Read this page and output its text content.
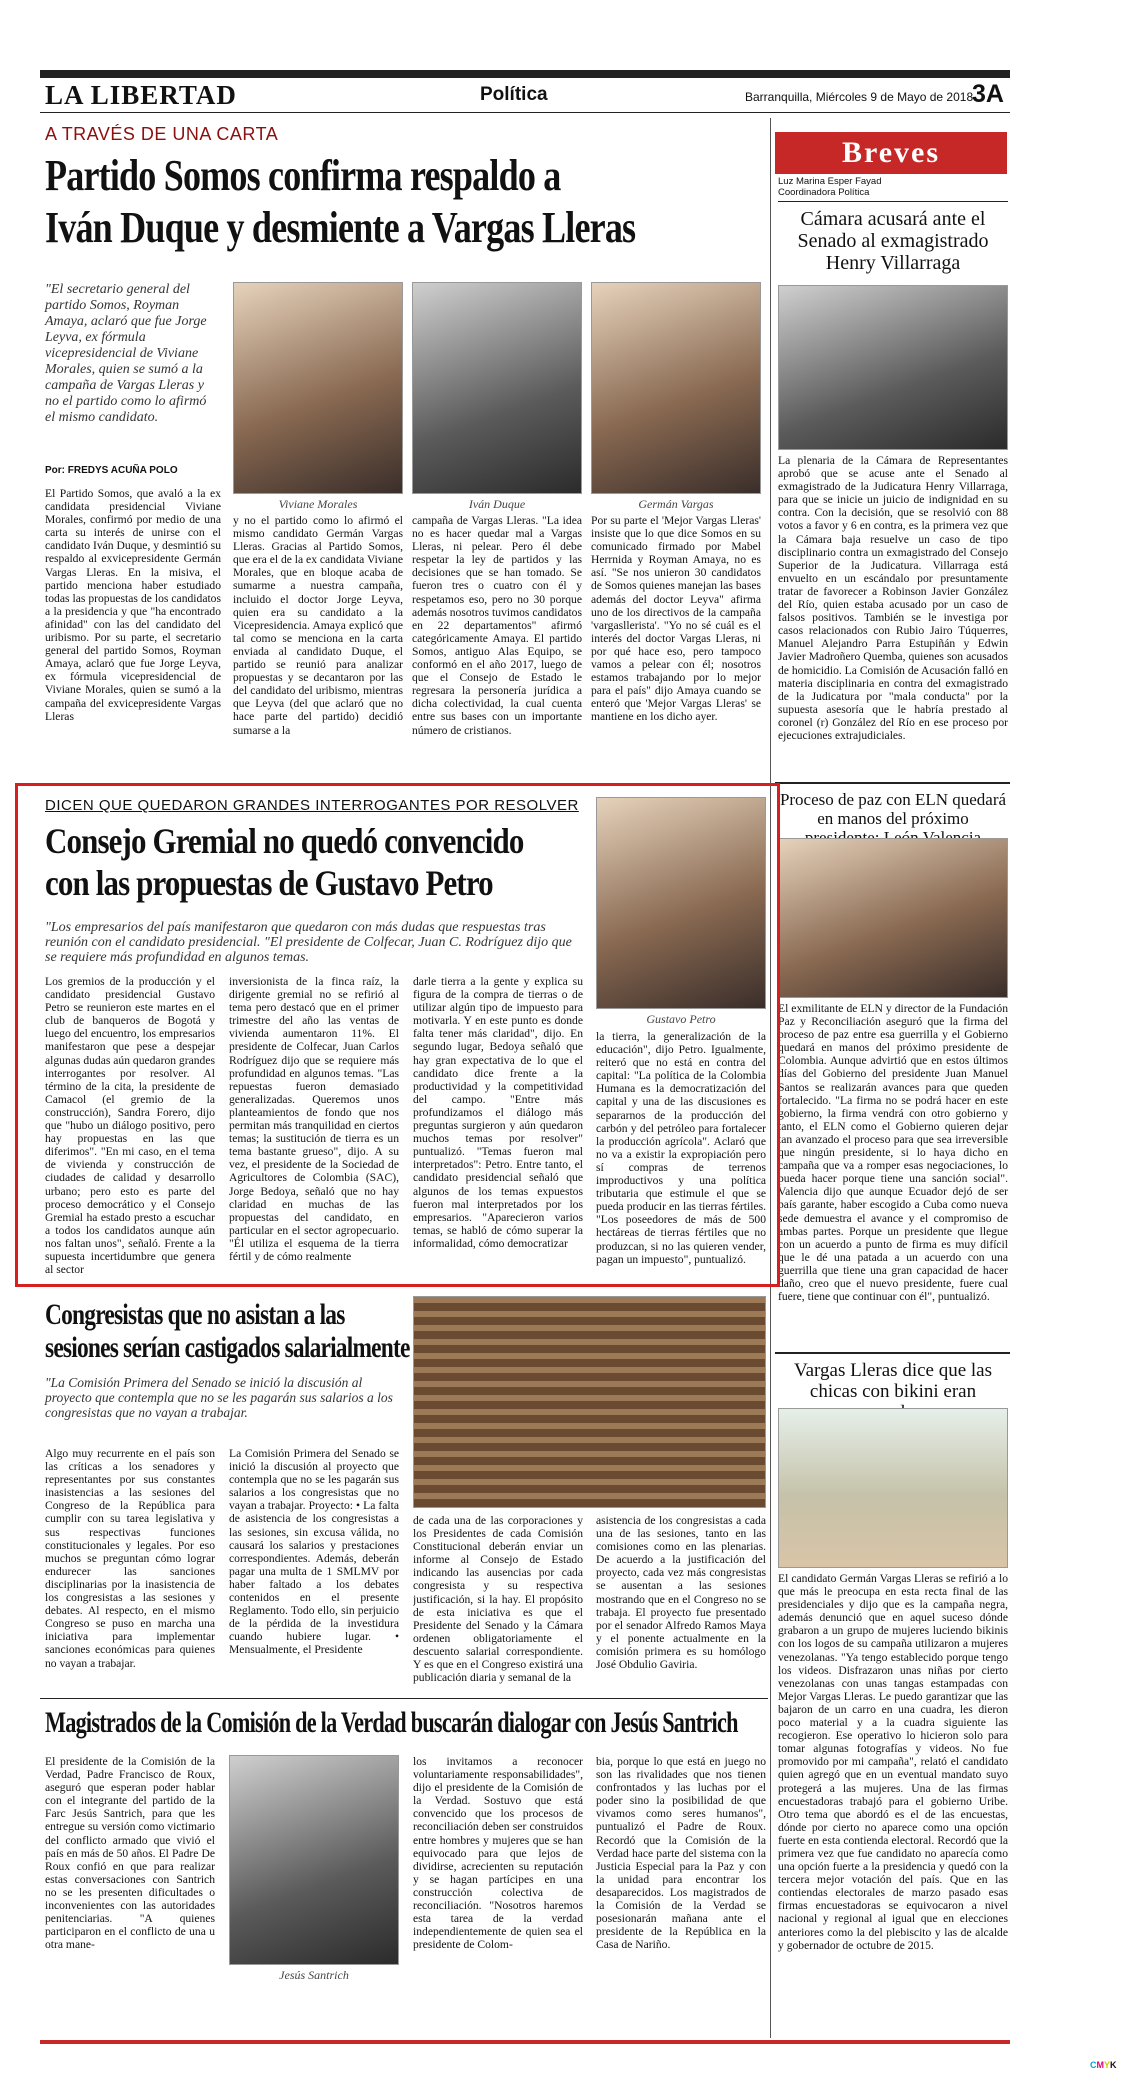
LA LIBERTAD	Política	Barranquilla, Miércoles 9 de Mayo de 2018
3A
A TRAVÉS DE UNA CARTA
Partido Somos confirma respaldo a
Iván Duque y desmiente a Vargas Lleras
"El secretario general del partido Somos, Royman Amaya, aclaró que fue Jorge Leyva, ex fórmula vicepresidencial de Viviane Morales, quien se sumó a la campaña de Vargas Lleras y no el partido como lo afirmó el mismo candidato.
Por: FREDYS ACUÑA POLO
Viviane Morales	Iván Duque	Germán Vargas
El Partido Somos, que avaló a la ex candidata presidencial Viviane Morales, confirmó por medio de una carta su interés de unirse con el candidato Iván Duque, y desmintió su respaldo al exvicepresidente Germán Vargas Lleras. En la misiva, el partido menciona haber estudiado todas las propuestas de los candidatos a la presidencia y que "ha encontrado afinidad" con las del candidato del uribismo. Por su parte, el secretario general del partido Somos, Royman Amaya, aclaró que fue Jorge Leyva, ex fórmula vicepresidencial de Viviane Morales, quien se sumó a la campaña del exvicepresidente Vargas Lleras
y no el partido como lo afirmó el mismo candidato Germán Vargas Lleras. Gracias al Partido Somos, que era el de la ex candidata Viviane Morales, que en bloque acaba de sumarme a nuestra campaña, incluido el doctor Jorge Leyva, quien era su candidato a la Vicepresidencia. Amaya explicó que tal como se menciona en la carta enviada al candidato Duque, el partido se reunió para analizar propuestas y se decantaron por las del candidato del uribismo, mientras que Leyva (del que aclaró que no hace parte del partido) decidió sumarse a la
campaña de Vargas Lleras. "La idea no es hacer quedar mal a Vargas Lleras, ni pelear. Pero él debe respetar la ley de partidos y las decisiones que se han tomado. Se fueron tres o cuatro con él y respetamos eso, pero no 30 porque además nosotros tuvimos candidatos en 22 departamentos" afirmó categóricamente Amaya. El partido Somos, antiguo Alas Equipo, se conformó en el año 2017, luego de que el Consejo de Estado le regresara la personería jurídica a dicha colectividad, la cual cuenta entre sus bases con un importante número de cristianos.
Por su parte el 'Mejor Vargas Lleras' insiste que lo que dice Somos en su comunicado firmado por Mabel Herrnida y Royman Amaya, no es así. "Se nos unieron 30 candidatos de Somos quienes manejan las bases además del doctor Leyva" afirma uno de los directivos de la campaña 'vargaslleristа'. "Yo no sé cuál es el interés del doctor Vargas Lleras, ni por qué hace eso, pero tampoco vamos a pelear con él; nosotros estamos trabajando por lo mejor para el país" dijo Amaya cuando se enteró que 'Mejor Vargas Lleras' se mantiene en los dicho ayer.
Breves
Luz Marina Esper Fayad
Coordinadora Política
Cámara acusará ante el Senado al exmagistrado Henry Villarraga
La plenaria de la Cámara de Representantes aprobó que se acuse ante el Senado al exmagistrado de la Judicatura Henry Villarraga, para que se inicie un juicio de indignidad en su contra. Con la decisión, que se resolvió con 88 votos a favor y 6 en contra, es la primera vez que la Cámara baja resuelve un caso de tipo disciplinario contra un exmagistrado del Consejo Superior de la Judicatura. Villarraga está envuelto en un escándalo por presuntamente tratar de favorecer a Robinson Javier González del Río, quien estaba acusado por un caso de falsos positivos. También se le investiga por casos relacionados con Rubio Jairo Túquerres, Manuel Alejandro Parra Estupiñán y Edwin Javier Madroñero Quemba, quienes son acusados de homicidio. La Comisión de Acusación falló en materia disciplinaria en contra del exmagistrado de la Judicatura por "mala conducta" por la supuesta asesoría que le habría prestado al coronel (r) González del Río en ese proceso por ejecuciones extrajudiciales.
Proceso de paz con ELN quedará en manos del próximo
El exmilitante de ELN y director de la Fundación Paz y Reconciliación aseguró que la firma del proceso de paz entre esa guerrilla y el Gobierno quedará en manos del próximo presidente de Colombia. Aunque advirtió que en estos últimos días del Gobierno del presidente Juan Manuel Santos se realizarán avances para que queden fortalecido. "La firma no se podrá hacer en este gobierno, la firma vendrá con otro gobierno y tanto, el ELN como el Gobierno quieren dejar tan avanzado el proceso para que sea irreversible que ningún presidente, si lo haya dicho en campaña que va a romper esas negociaciones, lo pueda hacer porque tiene una sanción social". Valencia dijo que aunque Ecuador dejó de ser país garante, haber escogido a Cuba como nueva sede demuestra el avance y el compromiso de ambas partes. Porque un presidente que llegue con un acuerdo a punto de firma es muy difícil que le dé una patada a un acuerdo con una guerrilla que tiene una gran capacidad de hacer daño, creo que el nuevo presidente, fuere cual fuere, tiene que continuar con él", puntualizó.
Vargas Lleras dice que las chicas con bikini eran
El candidato Germán Vargas Lleras se refirió a lo que más le preocupa en esta recta final de las presidenciales y dijo que es la campaña negra, además denunció que en aquel suceso dónde grabaron a un grupo de mujeres luciendo bikinis con los logos de su campaña utilizaron a mujeres venezolanas. "Ya tengo establecido porque tengo los videos. Disfrazaron unas niñas por cierto venezolanas con unas tangas estampadas con Mejor Vargas Lleras. Le puedo garantizar que las bajaron de un carro en una cuadra, les dieron poco material y a la cuadra siguiente las recogieron. Ese operativo lo hicieron solo para tomar algunas fotografías y videos. No fue promovido por mi campaña", relató el candidato quien agregó que en un eventual mandato suyo protegerá a las mujeres. Una de las firmas encuestadoras trabajó para el gobierno Uribe. Otro tema que abordó es el de las encuestas, dónde por cierto no aparece como una opción fuerte en esta contienda electoral. Recordó que la primera vez que fue candidato no aparecía como una opción fuerte a la presidencia y quedó con la tercera mejor votación del país. Que en las contiendas electorales de marzo pasado esas firmas encuestadoras se equivocaron a nivel nacional y regional al igual que en elecciones anteriores como la del plebiscito y las de alcalde y gobernador de octubre de 2015.
DICEN QUE QUEDARON GRANDES INTERROGANTES POR RESOLVER
Consejo Gremial no quedó convencido
con las propuestas de Gustavo Petro
"Los empresarios del país manifestaron que quedaron con más dudas que respuestas tras reunión con el candidato presidencial. "El presidente de Colfecar, Juan C. Rodríguez dijo que se requiere más profundidad en algunos temas.
Gustavo Petro
Los gremios de la producción y el candidato presidencial Gustavo Petro se reunieron este martes en el club de banqueros de Bogotá y luego del encuentro, los empresarios manifestaron que pese a despejar algunas dudas aún quedaron grandes interrogantes por resolver. Al término de la cita, la presidente de Camacol (el gremio de la construcción), Sandra Forero, dijo que "hubo un diálogo positivo, pero hay propuestas en las que diferimos". "En mi caso, en el tema de vivienda y construcción de ciudades de calidad y desarrollo urbano; pero esto es parte del proceso democrático y el Consejo Gremial ha estado presto a escuchar a todos los candidatos aunque aún nos faltan unos", señaló. Frente a la supuesta incertidumbre que genera al sector
inversionista de la finca raíz, la dirigente gremial no se refirió al tema pero destacó que en el primer trimestre del año las ventas de vivienda aumentaron 11%. El presidente de Colfecar, Juan Carlos Rodríguez dijo que se requiere más profundidad en algunos temas. "Las repuestas fueron demasiado generalizadas. Queremos unos planteamientos de fondo que nos permitan más tranquilidad en ciertos temas; la sustitución de tierra es un tema bastante grueso", dijo. A su vez, el presidente de la Sociedad de Agricultores de Colombia (SAC), Jorge Bedoya, señaló que no hay claridad en muchas de las propuestas del candidato, en particular en el sector agropecuario. "Él utiliza el esquema de la tierra fértil y de cómo realmente
darle tierra a la gente y explica su figura de la compra de tierras o de utilizar algún tipo de impuesto para motivarla. Y en este punto es donde falta tener más claridad", dijo. En segundo lugar, Bedoya señaló que hay gran expectativa de lo que el candidato dice frente a la productividad y la competitividad del campo. "Entre más profundizamos el diálogo más preguntas surgieron y aún quedaron muchos temas por resolver" puntualizó. "Temas fueron mal interpretados": Petro. Entre tanto, el candidato presidencial señaló que algunos de los temas expuestos fueron mal interpretados por los empresarios. "Aparecieron varios temas, se habló de cómo superar la informalidad, cómo democratizar
la tierra, la generalización de la educación", dijo Petro. Igualmente, reiteró que no está en contra del capital: "La política de la Colombia Humana es la democratización del capital y una de las discusiones es separarnos de la producción del carbón y del petróleo para fortalecer la producción agrícola". Aclaró que no va a existir la expropiación pero sí compras de terrenos improductivos y una política tributaria que estimule el que se pueda producir en las tierras fértiles. "Los poseedores de más de 500 hectáreas de tierras fértiles que no produzcan, si no las quieren vender, pagan un impuesto", puntualizó.
Congresistas que no asistan a las
sesiones serían castigados salarialmente
"La Comisión Primera del Senado se inició la discusión al proyecto que contempla que no se les pagarán sus salarios a los congresistas que no vayan a trabajar.
Algo muy recurrente en el país son las críticas a los senadores y representantes por sus constantes inasistencias a las sesiones del Congreso de la República para cumplir con su tarea legislativa y sus respectivas funciones constitucionales y legales. Por eso muchos se preguntan cómo lograr endurecer las sanciones disciplinarias por la inasistencia de los congresistas a las sesiones y debates. Al respecto, en el mismo Congreso se puso en marcha una iniciativa para implementar sanciones económicas para quienes no vayan a trabajar.
La Comisión Primera del Senado se inició la discusión al proyecto que contempla que no se les pagarán sus salarios a los congresistas que no vayan a trabajar. Proyecto: • La falta de asistencia de los congresistas a las sesiones, sin excusa válida, no causará los salarios y prestaciones correspondientes. Además, deberán pagar una multa de 1 SMLMV por haber faltado a los debates contenidos en el presente Reglamento. Todo ello, sin perjuicio de la pérdida de la investidura cuando hubiere lugar. • Mensualmente, el Presidente
de cada una de las corporaciones y los Presidentes de cada Comisión Constitucional deberán enviar un informe al Consejo de Estado indicando las ausencias por cada congresista y su respectiva justificación, si la hay. El propósito de esta iniciativa es que el Presidente del Senado y la Cámara ordenen obligatoriamente el descuento salarial correspondiente. Y es que en el Congreso existirá una publicación diaria y semanal de la
asistencia de los congresistas a cada una de las sesiones, tanto en las comisiones como en las plenarias. De acuerdo a la justificación del proyecto, cada vez más congresistas se ausentan a las sesiones mostrando que en el Congreso no se trabaja. El proyecto fue presentado por el senador Alfredo Ramos Maya y el ponente actualmente en la comisión primera es su homólogo José Obdulio Gaviria.
Magistrados de la Comisión de la Verdad buscarán dialogar con Jesús Santrich
El presidente de la Comisión de la Verdad, Padre Francisco de Roux, aseguró que esperan poder hablar con el integrante del partido de la Farc Jesús Santrich, para que les entregue su versión como victimario del conflicto armado que vivió el país en más de 50 años. El Padre De Roux confió en que para realizar estas conversaciones con Santrich no se les presenten dificultades o inconvenientes con las autoridades penitenciarias. "A quienes participaron en el conflicto de una u otra mane-
Jesús Santrich
los invitamos a reconocer voluntariamente responsabilidades", dijo el presidente de la Comisión de la Verdad. Sostuvo que está convencido que los procesos de reconciliación deben ser construidos entre hombres y mujeres que se han equivocado para que lejos de dividirse, acrecienten su reputación y se hagan partícipes en una construcción colectiva de reconciliación. "Nosotros haremos esta tarea de la verdad independientemente de quien sea el presidente de Colom-
bia, porque lo que está en juego no son las rivalidades que nos tienen confrontados y las luchas por el poder sino la posibilidad de que vivamos como seres humanos", puntualizó el Padre de Roux. Recordó que la Comisión de la Verdad hace parte del sistema con la Justicia Especial para la Paz y con la unidad para encontrar los desaparecidos. Los magistrados de la Comisión de la Verdad se posesionarán mañana ante el presidente de la República en la Casa de Nariño.
CMYK
